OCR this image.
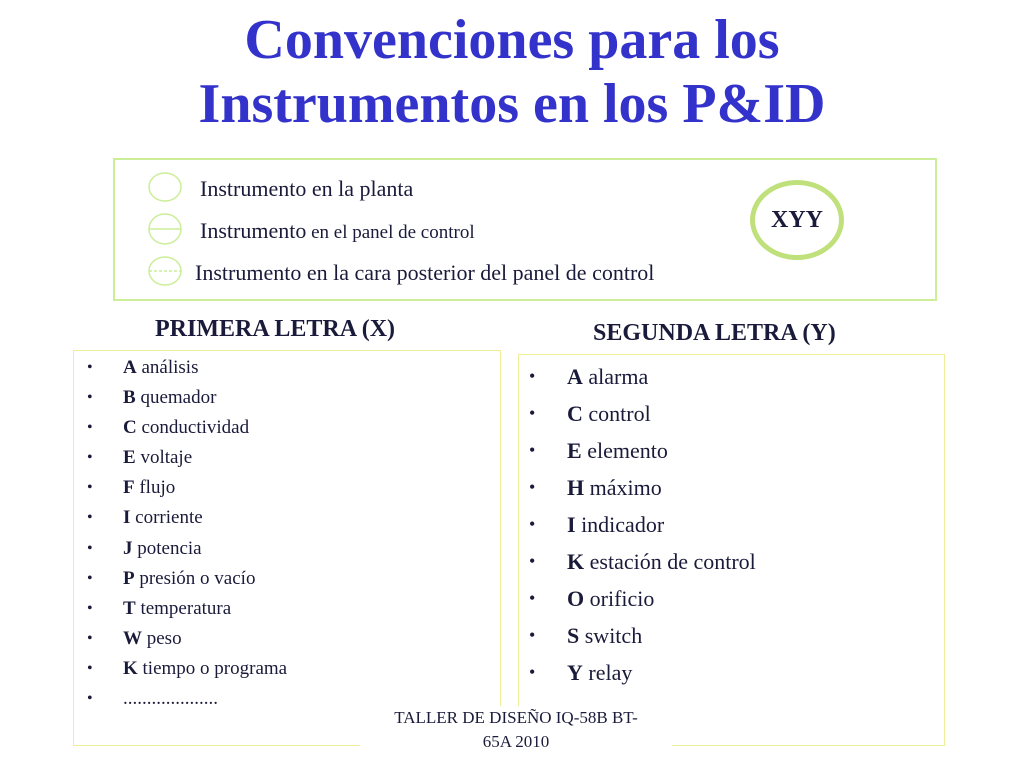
Convenciones para los
Instrumentos en los P&ID
Instrumento en la planta
Instrumento en el panel de control
Instrumento en la cara posterior del panel de control
XYY
PRIMERA LETRA (X)	SEGUNDA LETRA (Y)
• A análisis
• B quemador
• C conductividad
• E voltaje
• F flujo
• I corriente
• J potencia
• P presión o vacío
• T temperatura
• W peso
• K tiempo o programa
• ....................
• A alarma
• C control
• E elemento
• H máximo
• I indicador
• K estación de control
• O orificio
• S switch
• Y relay
TALLER DE DISEÑO IQ-58B BT-
65A 2010
